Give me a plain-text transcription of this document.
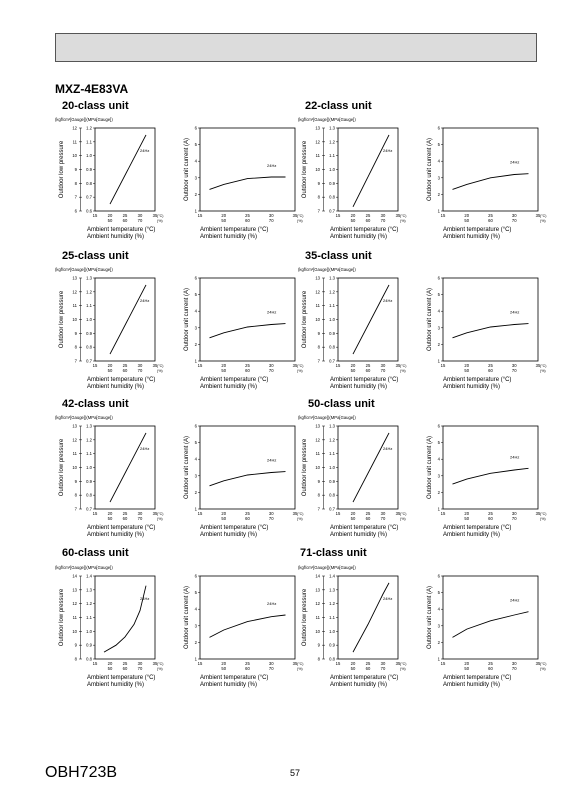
MXZ-4E83VA
20-class unit	22-class unit
25-class unit	35-class unit
42-class unit	50-class unit
60-class unit	71-class unit
(kgf/cm²[Gauge])(MPa[Gauge])
Outdoor low pressure
0.6
6
0.7
7
0.8
8
0.9
9
1.0
10
1.1
11
1.2
12
15 20 25 30 35
50 60 70
(°C)
(%)
24Hz
Ambient temperature (°C)
Ambient humidity (%)
Outdoor unit current (A)
1
2
3
4
5
6
15	20	25	30	35
50	60	70
(°C)
(%)
24Hz
Ambient temperature (°C)
Ambient humidity (%)
(kgf/cm²[Gauge])(MPa[Gauge])
Outdoor low pressure
0.7
7
0.8
8
0.9
9
1.0
10
1.1
11
1.2
12
1.3
13
15 20 25 30 35
50 60 70
(°C)
(%)
24Hz
Ambient temperature (°C)
Ambient humidity (%)
Outdoor unit current (A)
1
2
3
4
5
6
15	20	25	30	35
50	60	70
(°C)
(%)
24Hz
Ambient temperature (°C)
Ambient humidity (%)
(kgf/cm²[Gauge])(MPa[Gauge])
Outdoor low pressure
0.7
7
0.8
8
0.9
9
1.0
10
1.1
11
1.2
12
1.3
13
15 20 25 30 35
50 60 70
(°C)
(%)
24Hz
Ambient temperature (°C)
Ambient humidity (%)
Outdoor unit current (A)
1
2
3
4
5
6
15	20	25	30	35
50	60	70
(°C)
(%)
24Hz
Ambient temperature (°C)
Ambient humidity (%)
(kgf/cm²[Gauge])(MPa[Gauge])
Outdoor low pressure
0.7
7
0.8
8
0.9
9
1.0
10
1.1
11
1.2
12
1.3
13
15 20 25 30 35
50 60 70
(°C)
(%)
24Hz
Ambient temperature (°C)
Ambient humidity (%)
Outdoor unit current (A)
1
2
3
4
5
6
15	20	25	30	35
50	60	70
(°C)
(%)
24Hz
Ambient temperature (°C)
Ambient humidity (%)
(kgf/cm²[Gauge])(MPa[Gauge])
Outdoor low pressure
0.7
7
0.8
8
0.9
9
1.0
10
1.1
11
1.2
12
1.3
13
15 20 25 30 35
50 60 70
(°C)
(%)
24Hz
Ambient temperature (°C)
Ambient humidity (%)
Outdoor unit current (A)
1
2
3
4
5
6
15	20	25	30	35
50	60	70
(°C)
(%)
24Hz
Ambient temperature (°C)
Ambient humidity (%)
(kgf/cm²[Gauge])(MPa[Gauge])
Outdoor low pressure
0.7
7
0.8
8
0.9
9
1.0
10
1.1
11
1.2
12
1.3
13
15 20 25 30 35
50 60 70
(°C)
(%)
24Hz
Ambient temperature (°C)
Ambient humidity (%)
Outdoor unit current (A)
1
2
3
4
5
6
15	20	25	30	35
50	60	70
(°C)
(%)
24Hz
Ambient temperature (°C)
Ambient humidity (%)
(kgf/cm²[Gauge])(MPa[Gauge])
Outdoor low pressure
0.8
8
0.9
9
1.0
10
1.1
11
1.2
12
1.3
13
1.4
14
15 20 25 30 35
50 60 70
(°C)
(%)
24Hz
Ambient temperature (°C)
Ambient humidity (%)
Outdoor unit current (A)
1
2
3
4
5
6
15	20	25	30	35
50	60	70
(°C)
(%)
24Hz
Ambient temperature (°C)
Ambient humidity (%)
(kgf/cm²[Gauge])(MPa[Gauge])
Outdoor low pressure
0.8
8
0.9
9
1.0
10
1.1
11
1.2
12
1.3
13
1.4
14
15 20 25 30 35
50 60 70
(°C)
(%)
24Hz
Ambient temperature (°C)
Ambient humidity (%)
Outdoor unit current (A)
1
2
3
4
5
6
15	20	25	30	35
50	60	70
(°C)
(%)
24Hz
Ambient temperature (°C)
Ambient humidity (%)
OBH723B	57
